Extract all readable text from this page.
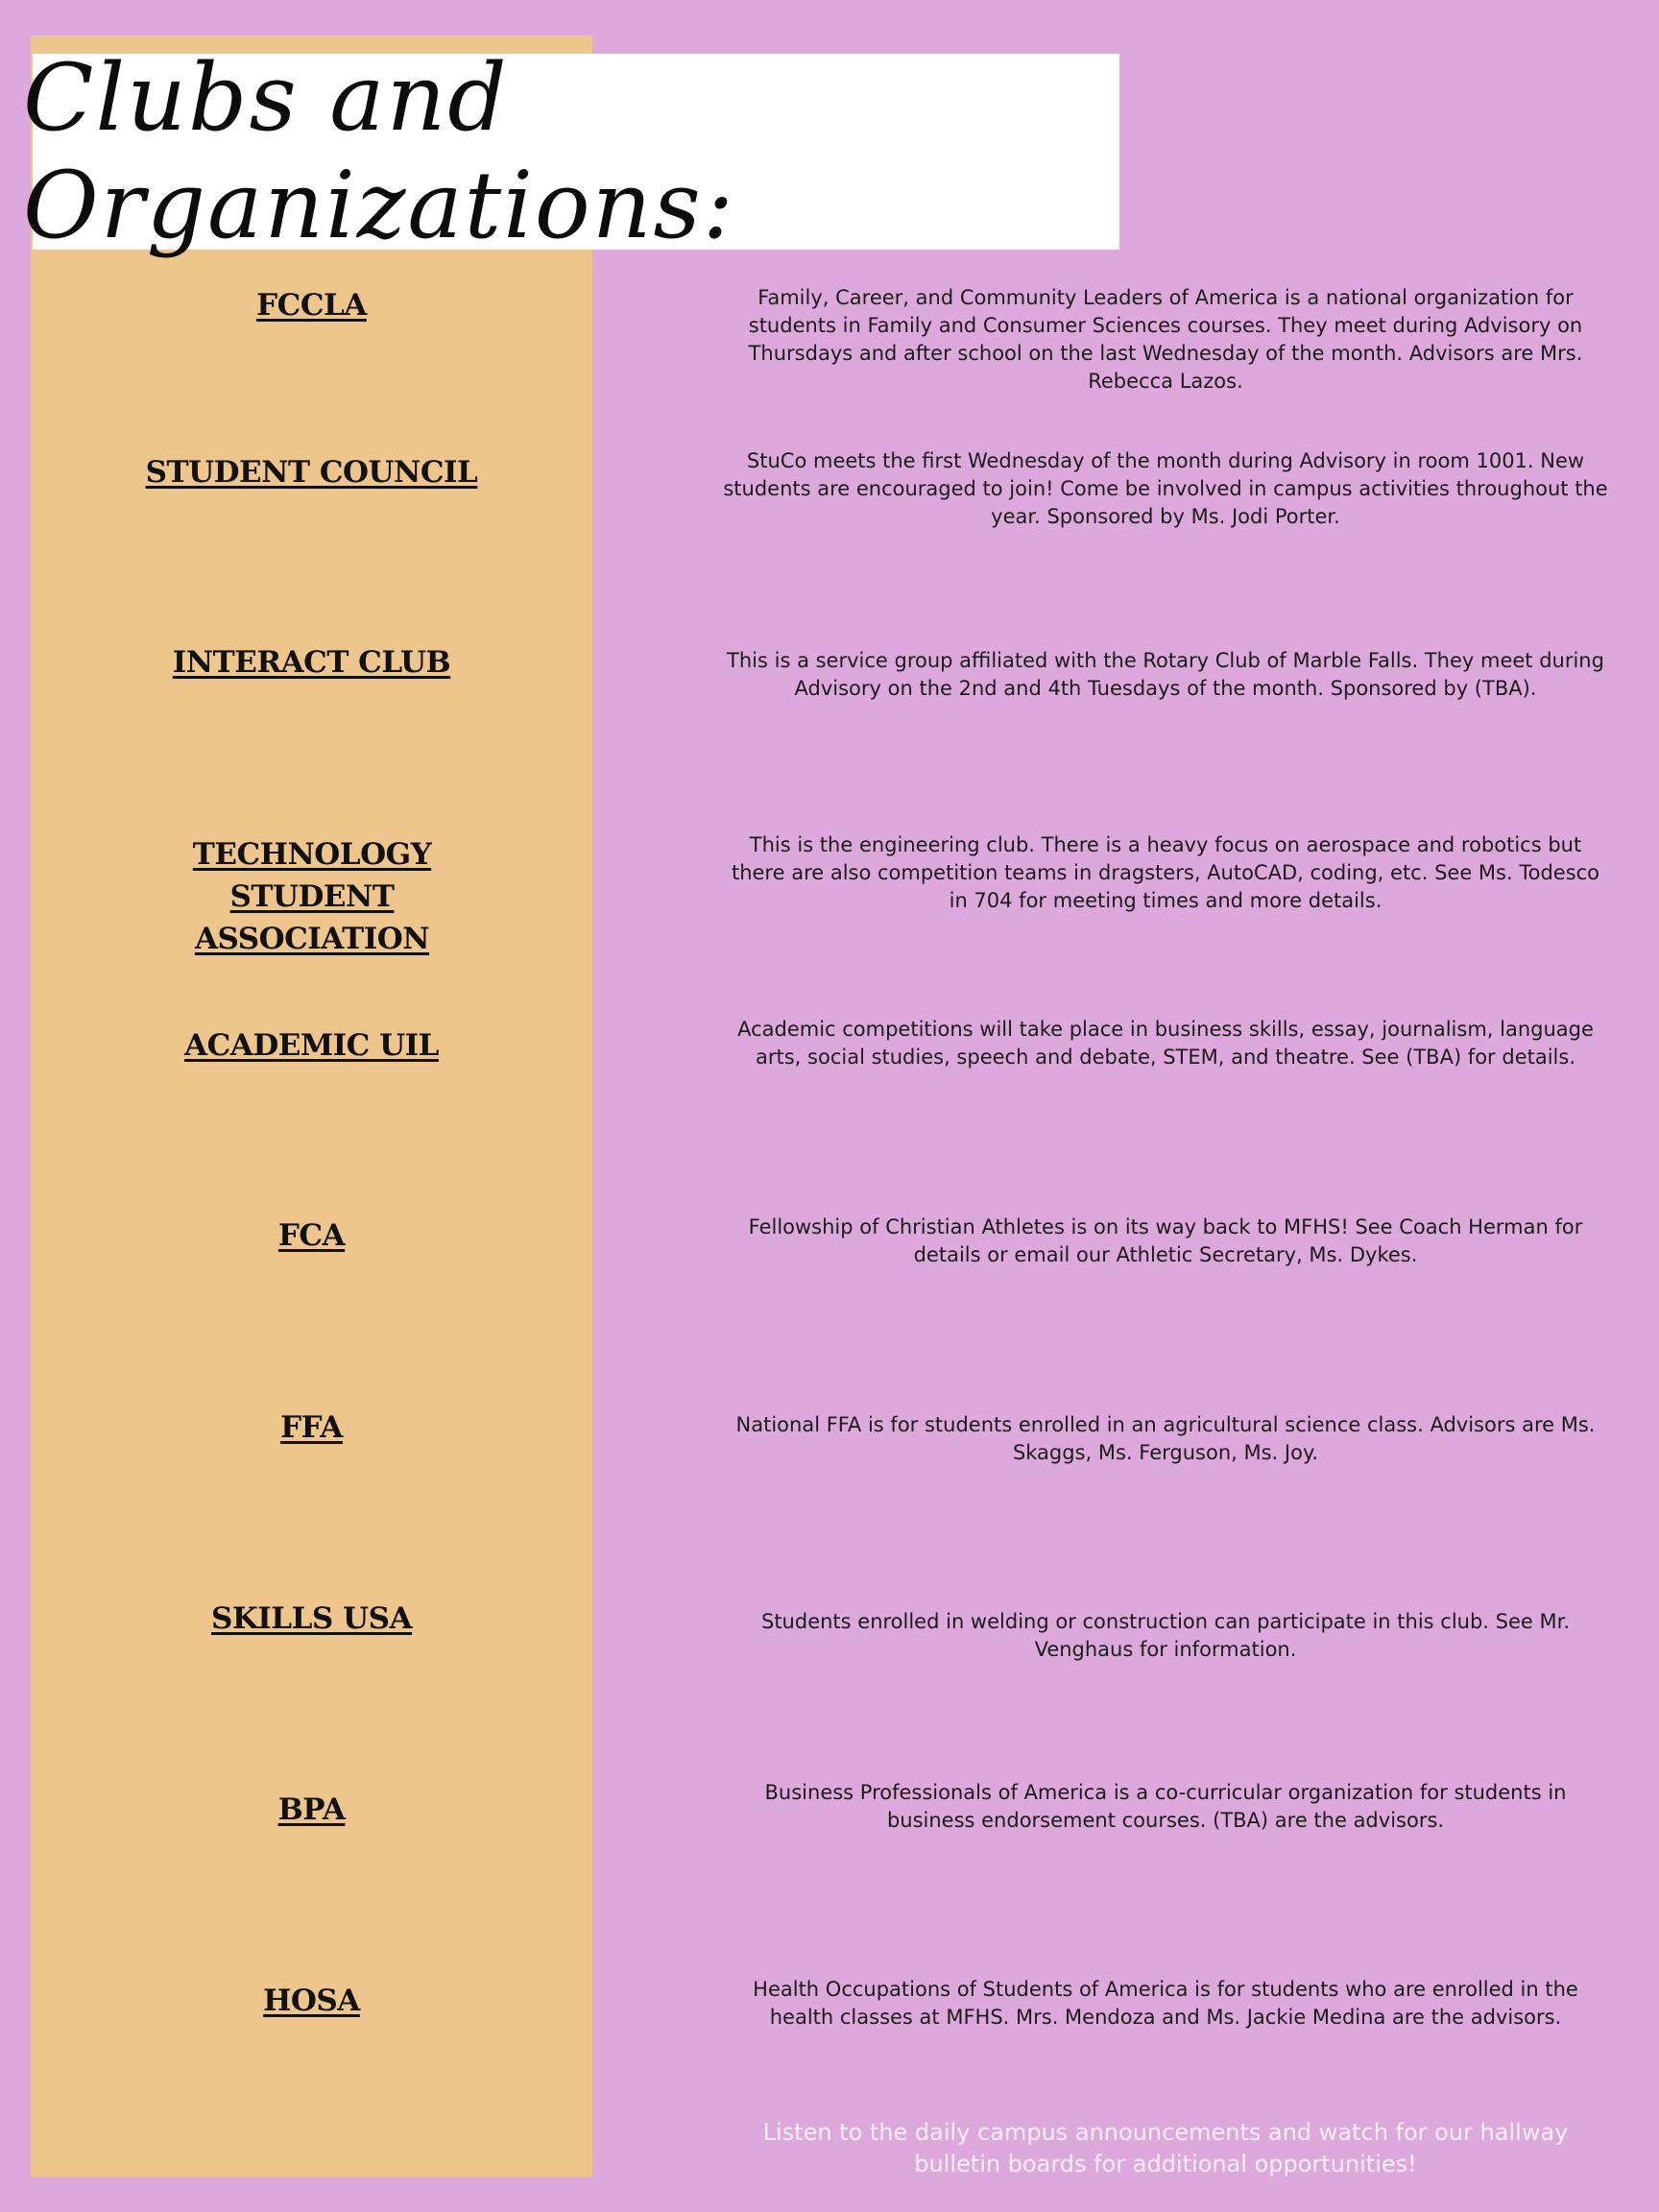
Clubs and Organizations:
FCCLA
STUDENT COUNCIL
INTERACT CLUB
TECHNOLOGY STUDENT ASSOCIATION
ACADEMIC UIL
FCA
FFA
SKILLS USA
BPA
HOSA
Family, Career, and Community Leaders of America is a national organization for students in Family and Consumer Sciences courses. They meet during Advisory on Thursdays and after school on the last Wednesday of the month. Advisors are Mrs. Rebecca Lazos.
StuCo meets the first Wednesday of the month during Advisory in room 1001. New students are encouraged to join! Come be involved in campus activities throughout the year. Sponsored by Ms. Jodi Porter.
This is a service group affiliated with the Rotary Club of Marble Falls. They meet during Advisory on the 2nd and 4th Tuesdays of the month. Sponsored by (TBA).
This is the engineering club. There is a heavy focus on aerospace and robotics but there are also competition teams in dragsters, AutoCAD, coding, etc. See Ms. Todesco in 704 for meeting times and more details.
Academic competitions will take place in business skills, essay, journalism, language arts, social studies, speech and debate, STEM, and theatre. See (TBA) for details.
Fellowship of Christian Athletes is on its way back to MFHS! See Coach Herman for details or email our Athletic Secretary, Ms. Dykes.
National FFA is for students enrolled in an agricultural science class. Advisors are Ms. Skaggs, Ms. Ferguson, Ms. Joy.
Students enrolled in welding or construction can participate in this club. See Mr. Venghaus for information.
Business Professionals of America is a co-curricular organization for students in business endorsement courses. (TBA) are the advisors.
Health Occupations of Students of America is for students who are enrolled in the health classes at MFHS. Mrs. Mendoza and Ms. Jackie Medina are the advisors.
Listen to the daily campus announcements and watch for our hallway bulletin boards for additional opportunities!
